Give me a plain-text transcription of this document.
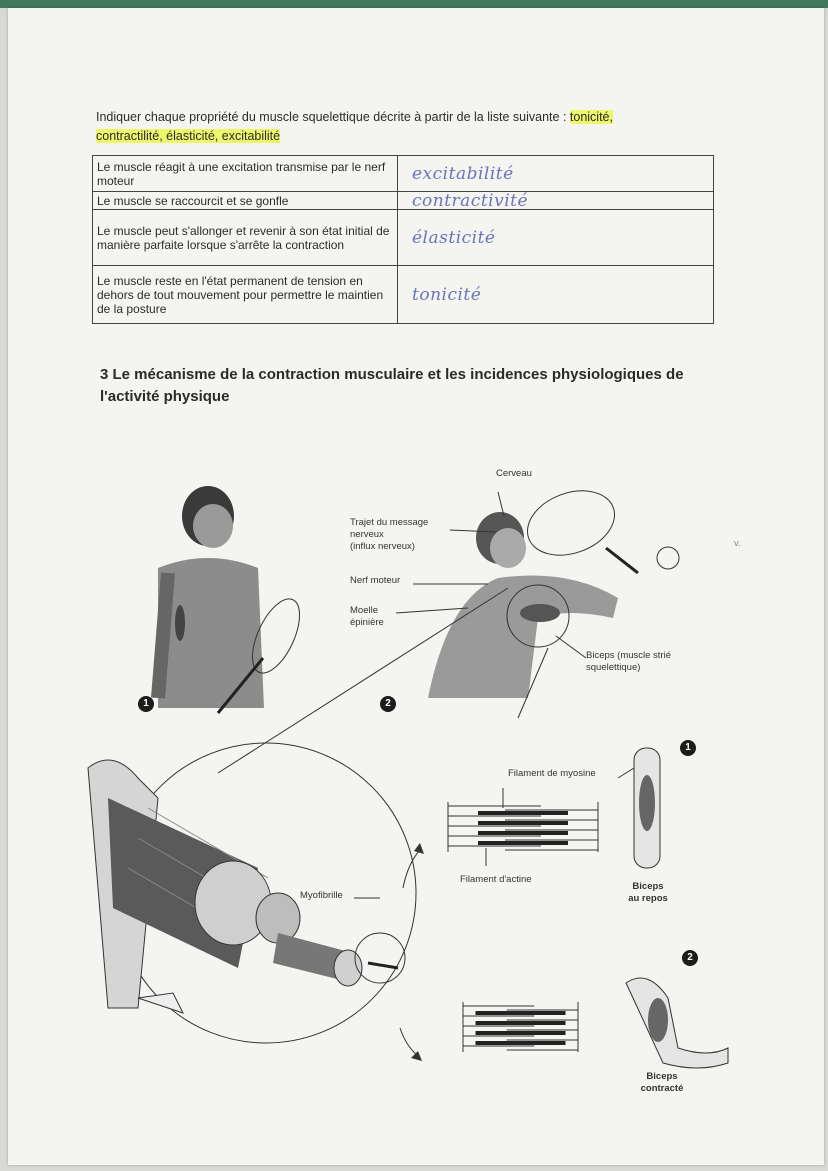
Indiquer chaque propriété du muscle squelettique décrite à partir de la liste suivante : tonicité,
contractilité, élasticité, excitabilité
Le muscle réagit à une excitation transmise par le nerf moteur	excitabilité
Le muscle se raccourcit et se gonfle	contractivité
Le muscle peut s'allonger et revenir à son état initial de manière parfaite lorsque s'arrête la contraction	élasticité
Le muscle reste en l'état permanent de tension en dehors de tout mouvement pour permettre le maintien de la posture	tonicité
3 Le mécanisme de la contraction musculaire et les incidences physiologiques de l'activité physique
Cerveau
Trajet du message
nerveux
(influx nerveux)
Nerf moteur
Moelle
épinière
Biceps (muscle strié
squelettique)
Myofibrille
Filament de myosine
Filament d'actine
Biceps
au repos
Biceps
contracté
v.
1	2
1
2
